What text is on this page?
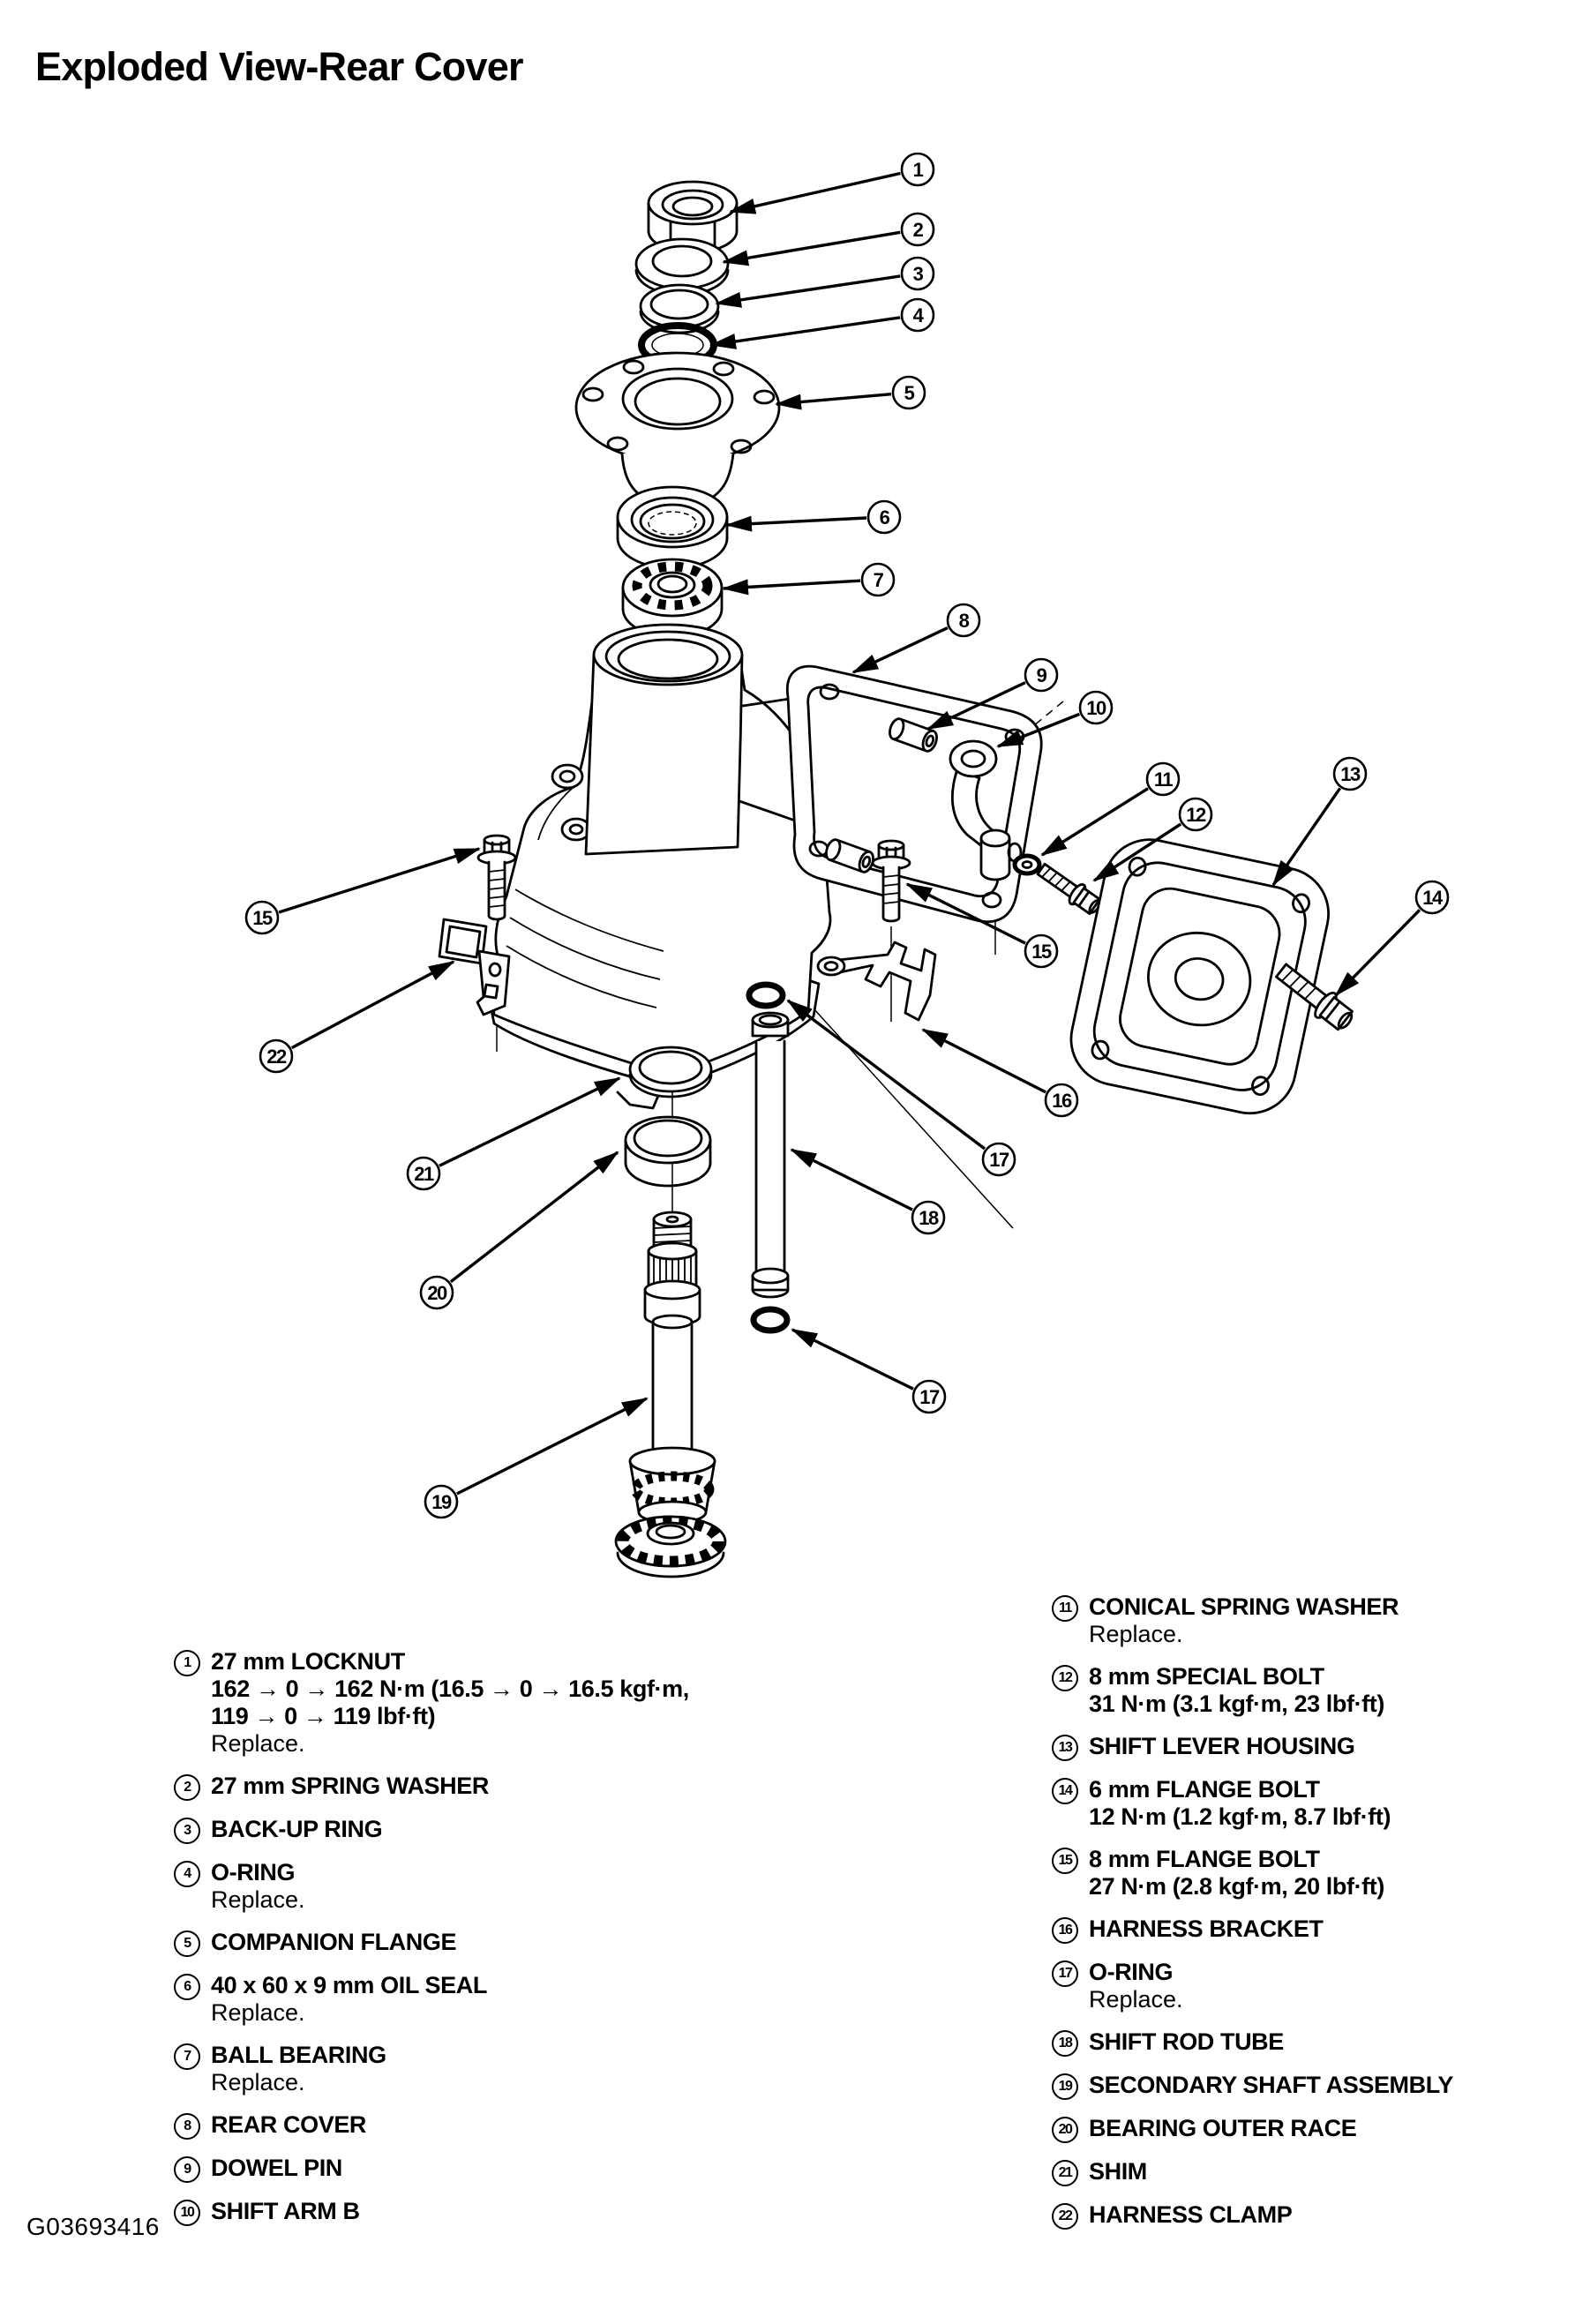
Exploded View-Rear Cover
1
2
3
4
5
6
7
8
9
10
11
12
13
14
15
15
16
17
18
17
19
20
21
22
1 27 mm LOCKNUT
162 → 0 → 162 N·m (16.5 → 0 → 16.5 kgf·m,
119 → 0 → 119 lbf·ft)
Replace.
2 27 mm SPRING WASHER
3 BACK-UP RING
4 O-RING
Replace.
5 COMPANION FLANGE
6 40 x 60 x 9 mm OIL SEAL
Replace.
7 BALL BEARING
Replace.
8 REAR COVER
9 DOWEL PIN
10 SHIFT ARM B
11 CONICAL SPRING WASHER
Replace.
12 8 mm SPECIAL BOLT
31 N·m (3.1 kgf·m, 23 lbf·ft)
13 SHIFT LEVER HOUSING
14 6 mm FLANGE BOLT
12 N·m (1.2 kgf·m, 8.7 lbf·ft)
15 8 mm FLANGE BOLT
27 N·m (2.8 kgf·m, 20 lbf·ft)
16 HARNESS BRACKET
17 O-RING
Replace.
18 SHIFT ROD TUBE
19 SECONDARY SHAFT ASSEMBLY
20 BEARING OUTER RACE
21 SHIM
22 HARNESS CLAMP
G03693416
